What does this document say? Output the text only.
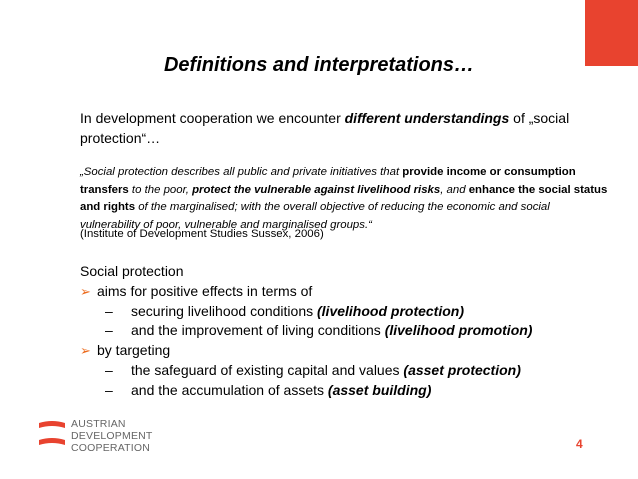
Definitions and interpretations…
In development cooperation we encounter different understandings of „social
protection“…
„Social protection describes all public and private initiatives that provide income or consumption transfers to the poor, protect the vulnerable against livelihood risks, and enhance the social status and rights of the marginalised; with the overall objective of reducing the economic and social vulnerability of poor, vulnerable and marginalised groups.“
(Institute of Development Studies Sussex, 2006)
Social protection
➢ aims for positive effects in terms of
– securing livelihood conditions (livelihood protection)
– and the improvement of living conditions (livelihood promotion)
➢ by targeting
– the safeguard of existing capital and values (asset protection)
– and the accumulation of assets (asset building)
AUSTRIAN
DEVELOPMENT
COOPERATION	4
